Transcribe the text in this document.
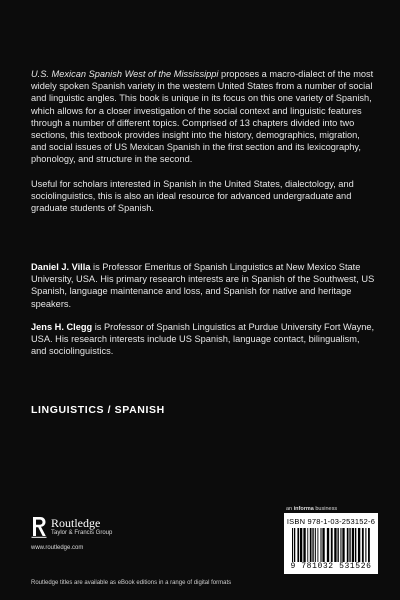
U.S. Mexican Spanish West of the Mississippi proposes a macro-dialect of the most widely spoken Spanish variety in the western United States from a number of social and linguistic angles. This book is unique in its focus on this one variety of Spanish, which allows for a closer investigation of the social context and linguistic features through a number of different topics. Comprised of 13 chapters divided into two sections, this textbook provides insight into the history, demographics, migration, and social issues of US Mexican Spanish in the first section and its lexicography, phonology, and structure in the second.

Useful for scholars interested in Spanish in the United States, dialectology, and sociolinguistics, this is also an ideal resource for advanced undergraduate and graduate students of Spanish.

Daniel J. Villa is Professor Emeritus of Spanish Linguistics at New Mexico State University, USA. His primary research interests are in Spanish of the Southwest, US Spanish, language maintenance and loss, and Spanish for native and heritage speakers.

Jens H. Clegg is Professor of Spanish Linguistics at Purdue University Fort Wayne, USA. His research interests include US Spanish, language contact, bilingualism, and sociolinguistics.

LINGUISTICS / SPANISH
an informa business
Routledge
Taylor & Francis Group
www.routledge.com
Routledge titles are available as eBook editions in a range of digital formats
ISBN 978-1-03-253152-6
9 781032 531526
